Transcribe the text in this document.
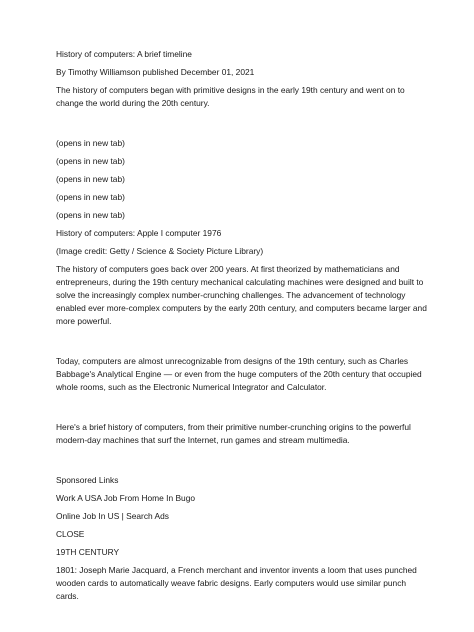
History of computers: A brief timeline

By Timothy Williamson published December 01, 2021

The history of computers began with primitive designs in the early 19th century and went on to change the world during the 20th century.

(opens in new tab)

(opens in new tab)

(opens in new tab)

(opens in new tab)

(opens in new tab)

History of computers: Apple I computer 1976

(Image credit: Getty / Science & Society Picture Library)

The history of computers goes back over 200 years. At first theorized by mathematicians and entrepreneurs, during the 19th century mechanical calculating machines were designed and built to solve the increasingly complex number-crunching challenges. The advancement of technology enabled ever more-complex computers by the early 20th century, and computers became larger and more powerful.

Today, computers are almost unrecognizable from designs of the 19th century, such as Charles Babbage's Analytical Engine — or even from the huge computers of the 20th century that occupied whole rooms, such as the Electronic Numerical Integrator and Calculator.

Here's a brief history of computers, from their primitive number-crunching origins to the powerful modern-day machines that surf the Internet, run games and stream multimedia.

Sponsored Links

Work A USA Job From Home In Bugo

Online Job In US | Search Ads

CLOSE

19TH CENTURY

1801: Joseph Marie Jacquard, a French merchant and inventor invents a loom that uses punched wooden cards to automatically weave fabric designs. Early computers would use similar punch cards.
